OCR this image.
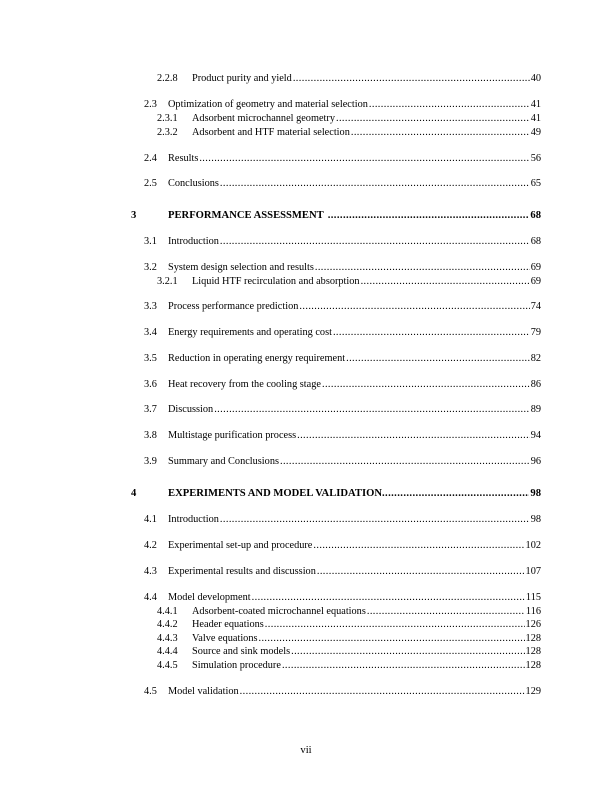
2.2.8	Product purity and yield .....	40
2.3	Optimization of geometry and material selection .....	41
2.3.1	Adsorbent microchannel geometry .....	41
2.3.2	Adsorbent and HTF material selection .....	49
2.4	Results .....	56
2.5	Conclusions .....	65
3	PERFORMANCE ASSESSMENT .....	68
3.1	Introduction .....	68
3.2	System design selection and results .....	69
3.2.1	Liquid HTF recirculation and absorption .....	69
3.3	Process performance prediction .....	74
3.4	Energy requirements and operating cost .....	79
3.5	Reduction in operating energy requirement .....	82
3.6	Heat recovery from the cooling stage .....	86
3.7	Discussion .....	89
3.8	Multistage purification process .....	94
3.9	Summary and Conclusions .....	96
4	EXPERIMENTS AND MODEL VALIDATION .....	98
4.1	Introduction .....	98
4.2	Experimental set-up and procedure .....	102
4.3	Experimental results and discussion .....	107
4.4	Model development .....	115
4.4.1	Adsorbent-coated microchannel equations .....	116
4.4.2	Header equations .....	126
4.4.3	Valve equations .....	128
4.4.4	Source and sink models .....	128
4.4.5	Simulation procedure .....	128
4.5	Model validation .....	129
vii
